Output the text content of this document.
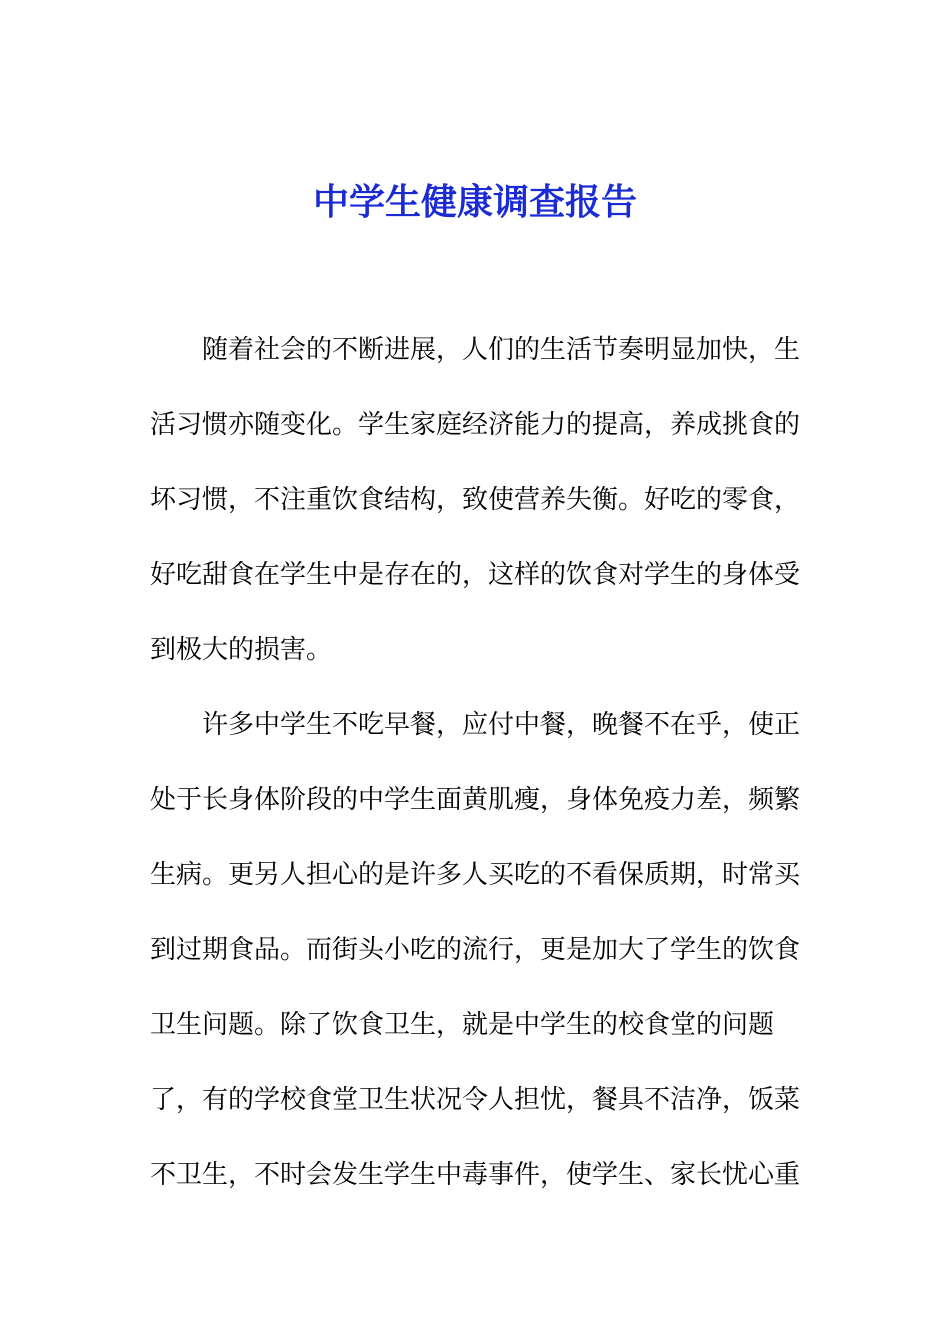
中学生健康调查报告
随着社会的不断进展，人们的生活节奏明显加快，生
活习惯亦随变化。学生家庭经济能力的提高，养成挑食的
坏习惯，不注重饮食结构，致使营养失衡。好吃的零食，
好吃甜食在学生中是存在的，这样的饮食对学生的身体受
到极大的损害。
许多中学生不吃早餐，应付中餐，晚餐不在乎，使正
处于长身体阶段的中学生面黄肌瘦，身体免疫力差，频繁
生病。更另人担心的是许多人买吃的不看保质期，时常买
到过期食品。而街头小吃的流行，更是加大了学生的饮食
卫生问题。除了饮食卫生，就是中学生的校食堂的问题
了，有的学校食堂卫生状况令人担忧，餐具不洁净，饭菜
不卫生，不时会发生学生中毒事件，使学生、家长忧心重
